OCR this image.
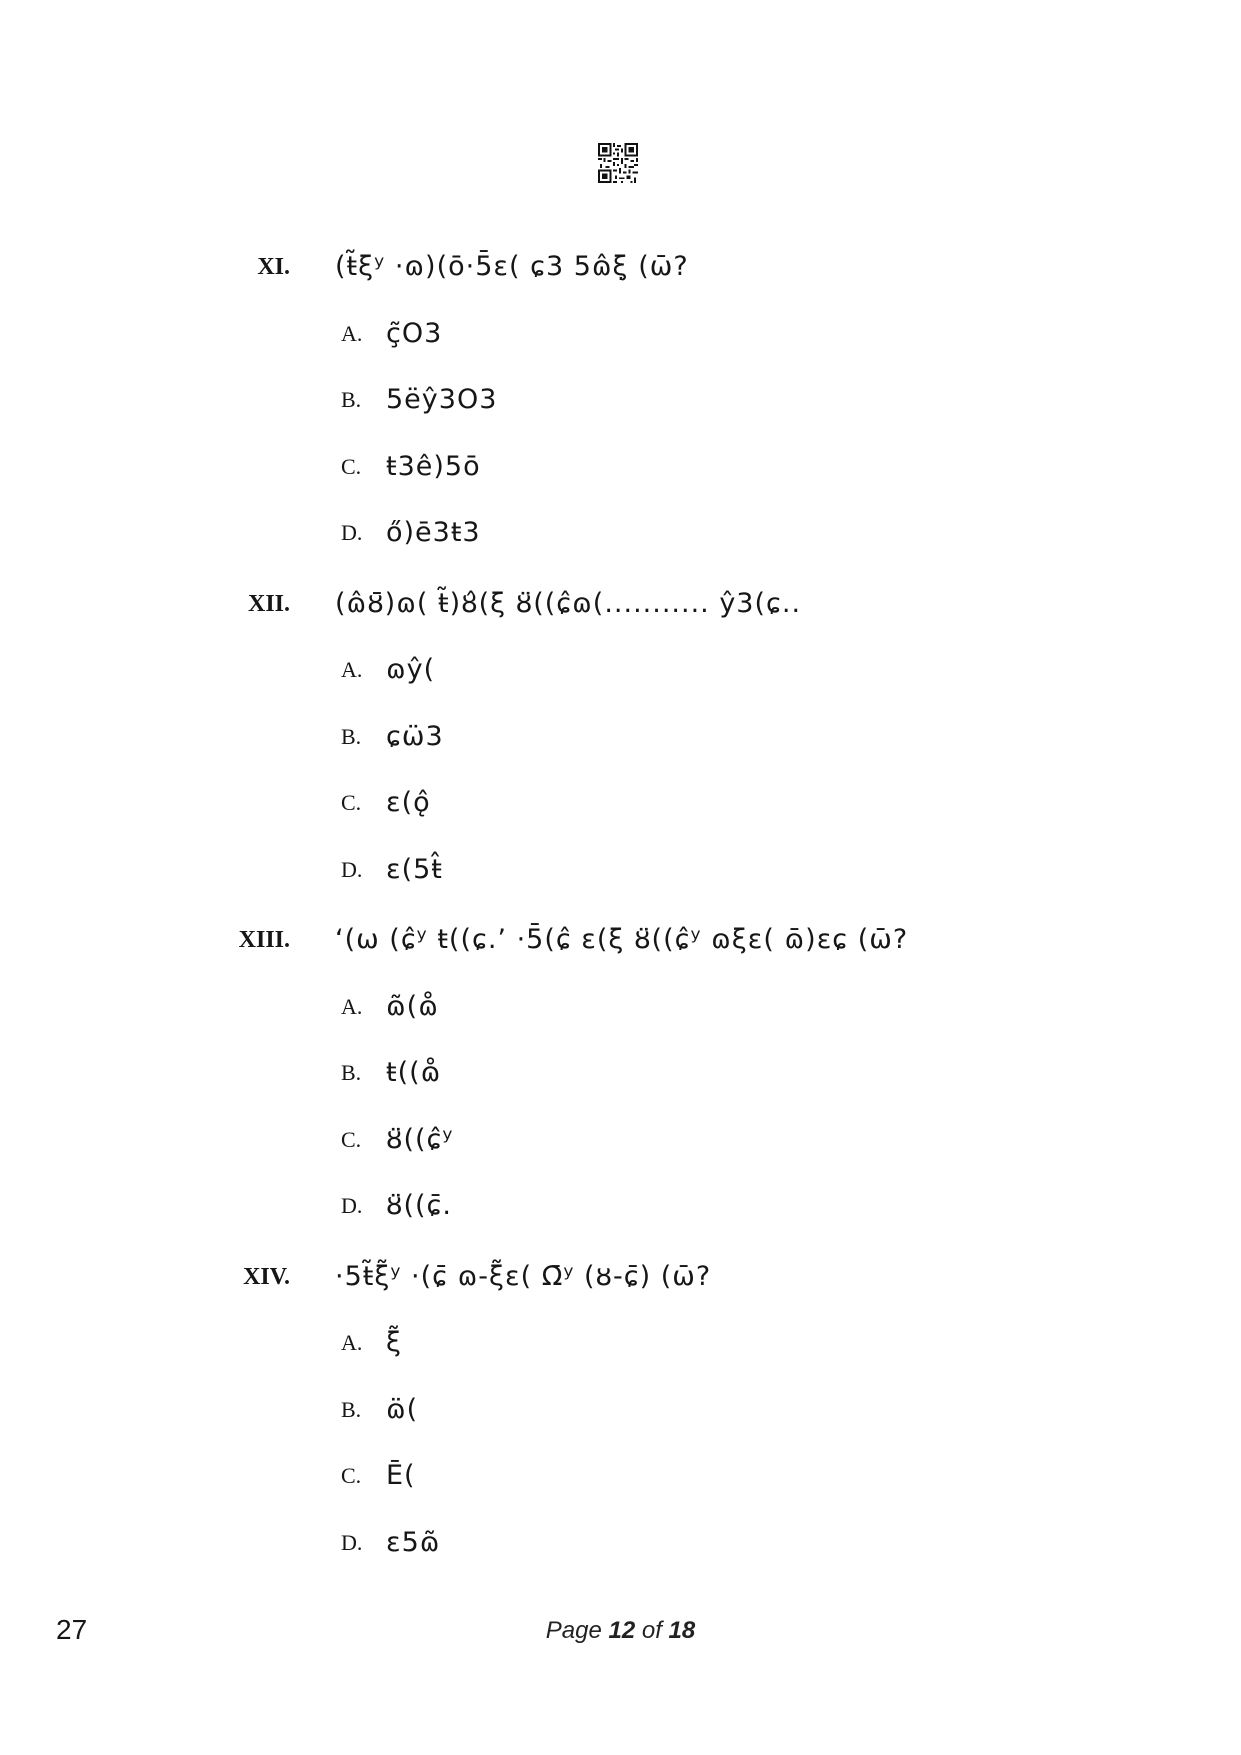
XI. (ŧ̃ξʸ ·ɷ)(ō·5̄ɛ( ɕ3 5ɷ̂ξ̣ (ω̄?
A. ç̃O3
B. 5ëŷ3O3
C. ŧ3ê)5ō
D. ő)ē3ŧ3
XII. (ɷ̂ȣ̄)ɷ( ŧ̃)ȣ̂(ξ ȣ̈((ɕ̂ɷ(........... ŷ3(ɕ..
A. ɷŷ(
B. ɕω̈3
C. ɛ(ǫ̂
D. ɛ(5ŧ̂
XIII. ‘(ω (ɕ̂ʸ ŧ((ɕ.’ ·5̄(ɕ̂ ɛ(ξ ȣ̈((ɕ̂ʸ ɷξɛ( ɷ̄)ɛɕ (ω̄?
A. ɷ̃(ɷ̊
B. ŧ((ɷ̊
C. ȣ̈((ɕ̂ʸ
D. ȣ̈((ɕ̄.
XIV. ·5ŧ̃ξ̃ʸ ·(ɕ̄ ɷ-ξ̃ɛ( Ω̄ʸ (ȣ-ɕ̄) (ω̄?
A. ξ̃
B. ɷ̈(
C. Ē(
D. ɛ5ɷ̃
27	Page 12 of 18
